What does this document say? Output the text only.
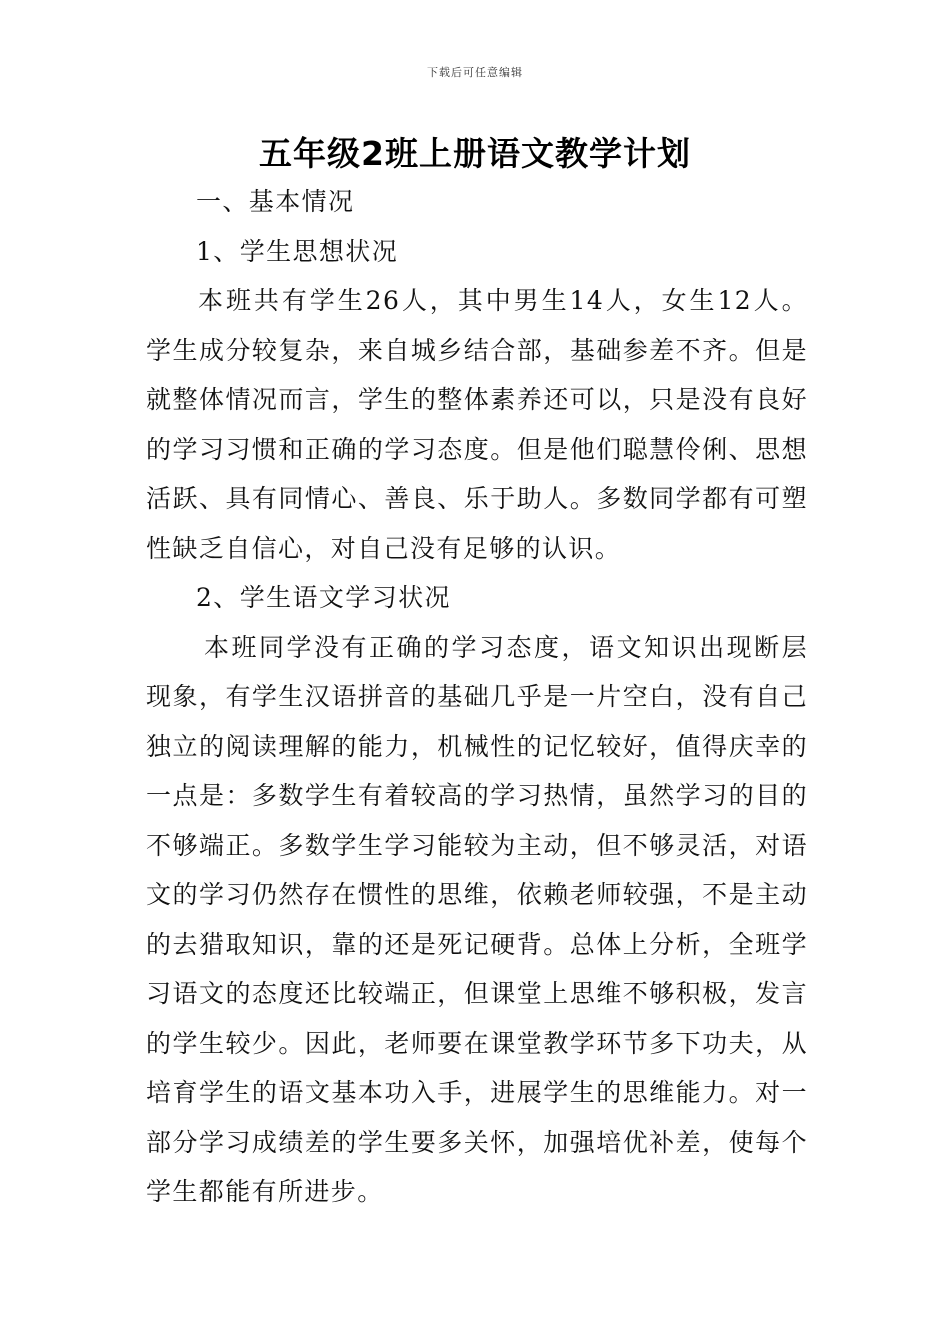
下载后可任意编辑
五年级2班上册语文教学计划

一、基本情况

1、学生思想状况

本班共有学生26人，其中男生14人，女生12人。 学生成分较复杂，来自城乡结合部，基础参差不齐。但是就整体情况而言，学生的整体素养还可以，只是没有良好的学习习惯和正确的学习态度。但是他们聪慧伶俐、思想活跃、具有同情心、善良、乐于助人。多数同学都有可塑性缺乏自信心，对自己没有足够的认识。

2、学生语文学习状况

本班同学没有正确的学习态度，语文知识出现断层现象，有学生汉语拼音的基础几乎是一片空白，没有自己独立的阅读理解的能力，机械性的记忆较好，值得庆幸的一点是：多数学生有着较高的学习热情，虽然学习的目的不够端正。多数学生学习能较为主动，但不够灵活，对语文的学习仍然存在惯性的思维，依赖老师较强，不是主动的去猎取知识，靠的还是死记硬背。总体上分析，全班学习语文的态度还比较端正，但课堂上思维不够积极，发言的学生较少。因此，老师要在课堂教学环节多下功夫，从培育学生的语文基本功入手，进展学生的思维能力。对一部分学习成绩差的学生要多关怀，加强培优补差，使每个学生都能有所进步。
